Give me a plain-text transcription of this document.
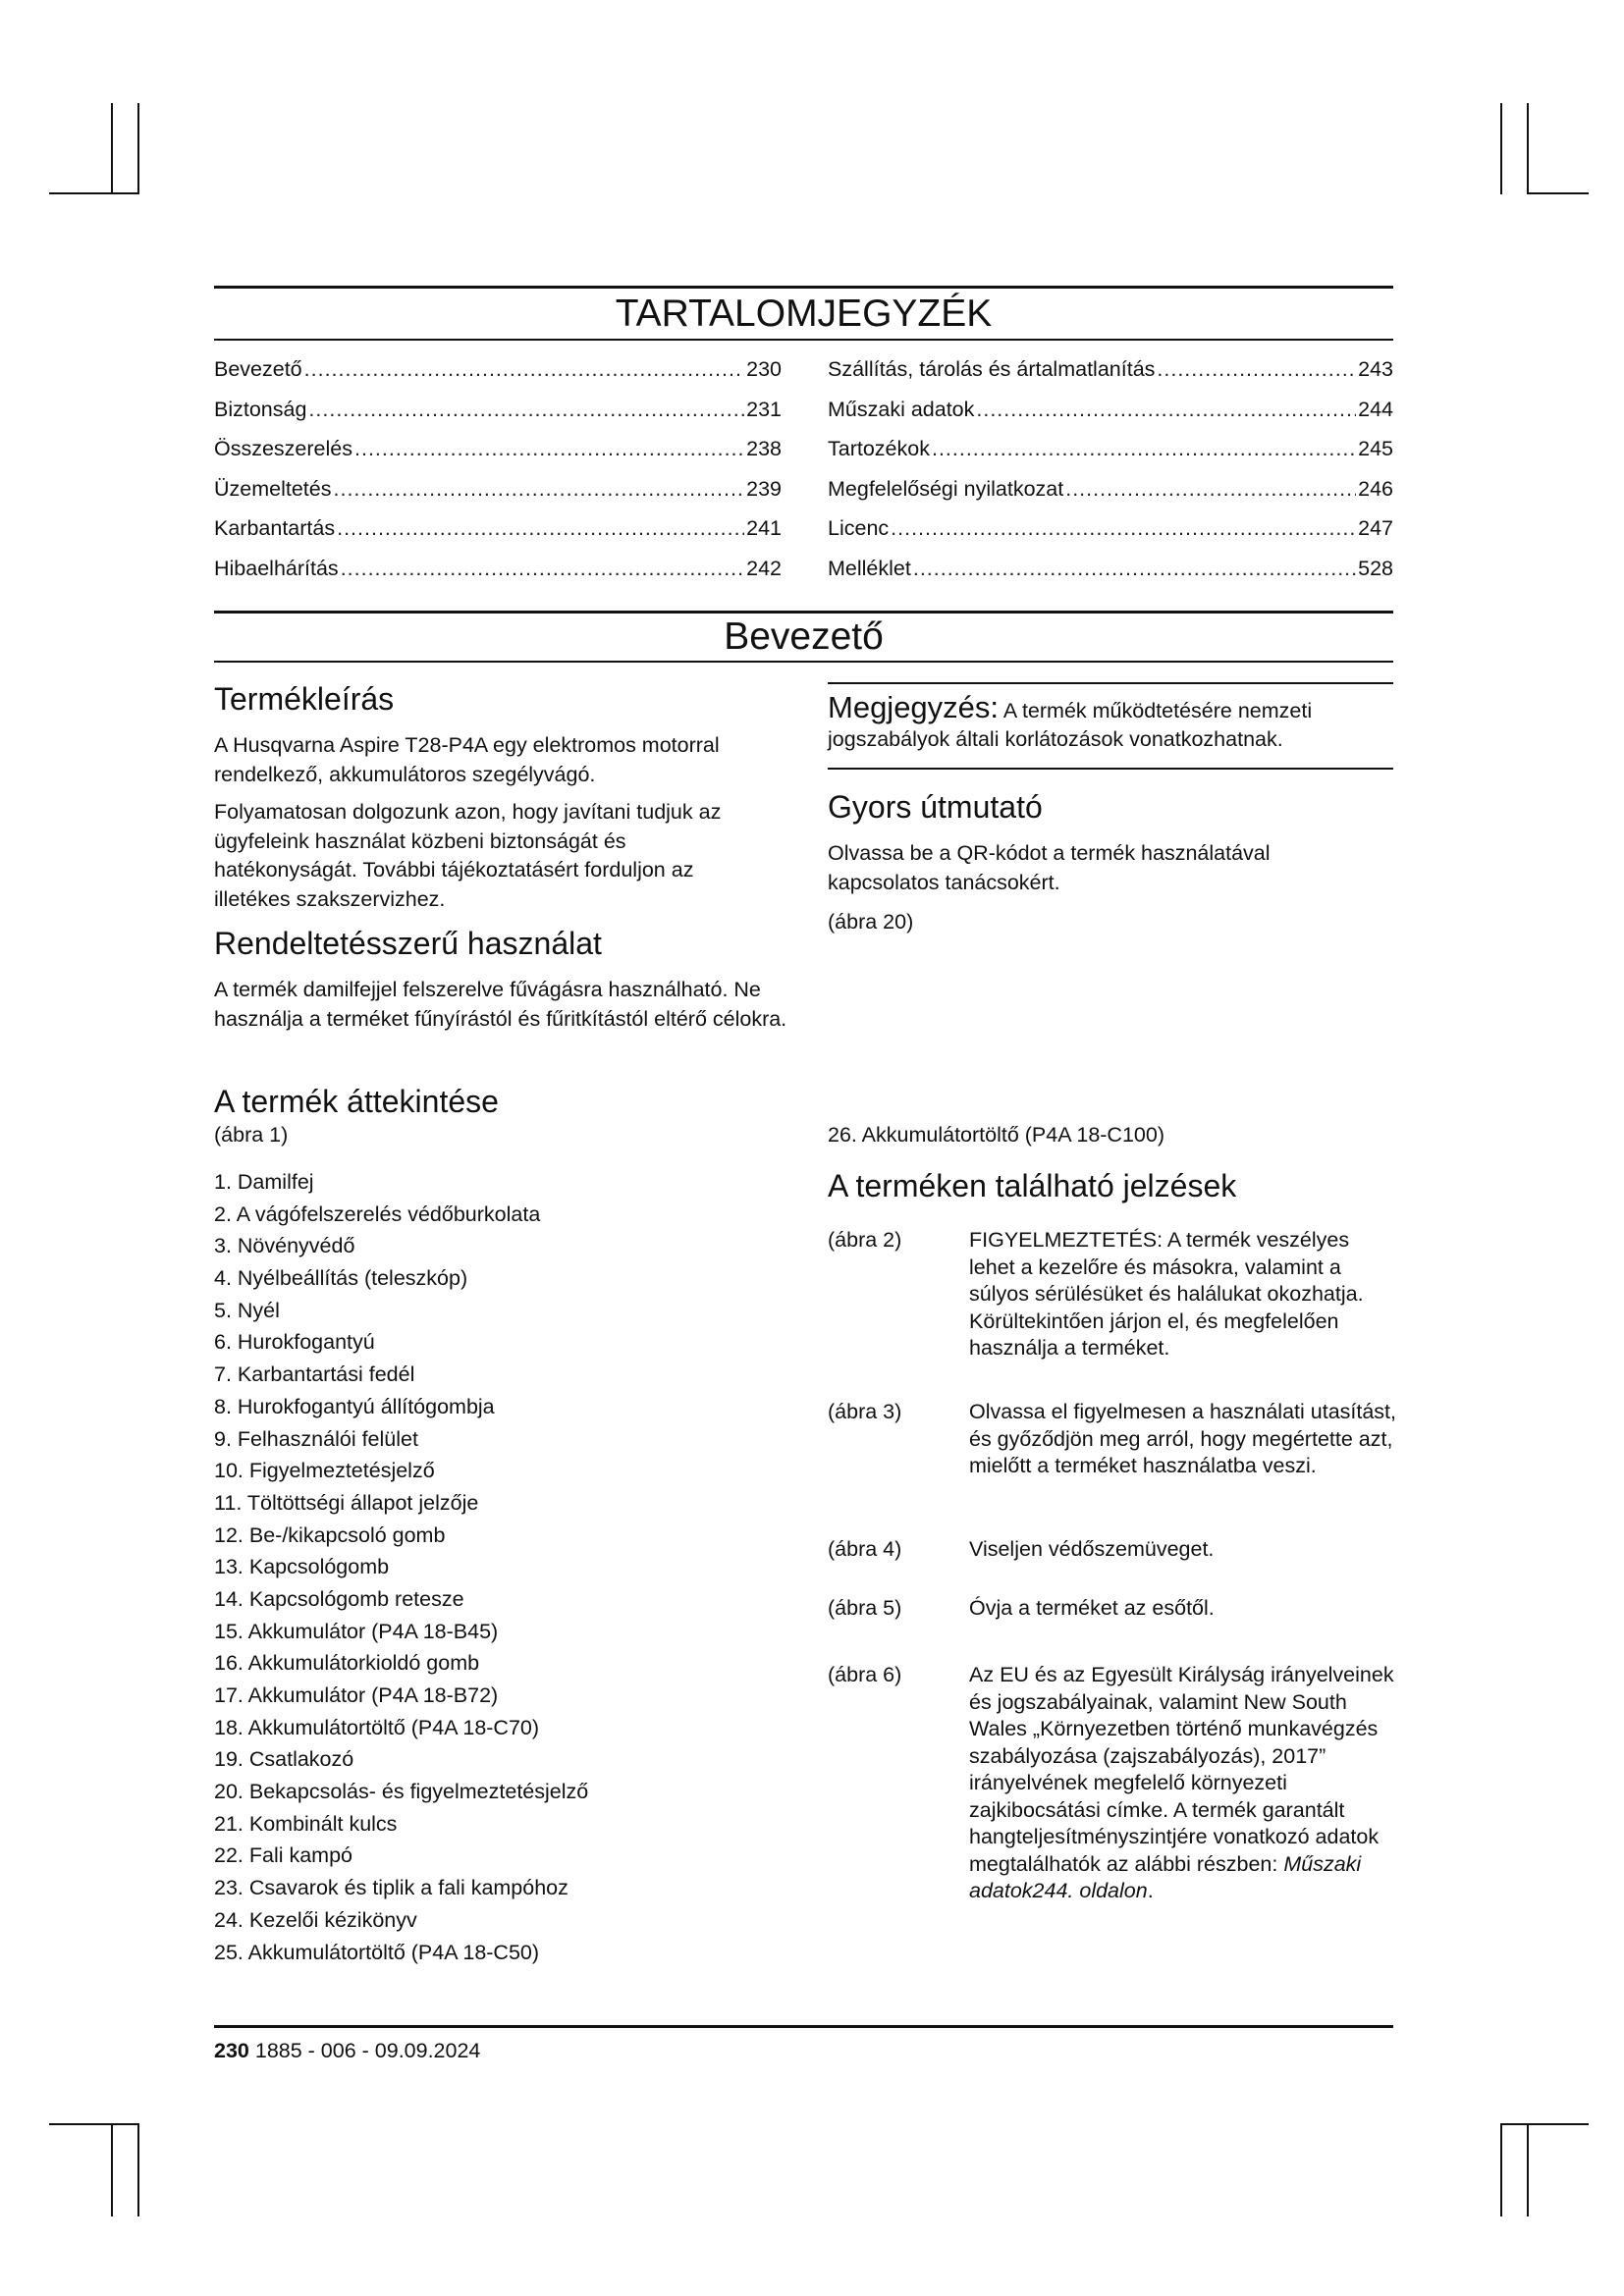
TARTALOMJEGYZÉK
Bevezető .....	230
Biztonság .....	231
Összeszerelés .....	238
Üzemeltetés .....	239
Karbantartás .....	241
Hibaelhárítás .....	242
Szállítás, tárolás és ártalmatlanítás .....	243
Műszaki adatok .....	244
Tartozékok .....	245
Megfelelőségi nyilatkozat .....	246
Licenc .....	247
Melléklet .....	528
Bevezető
Termékleírás

A Husqvarna Aspire T28-P4A egy elektromos motorral rendelkező, akkumulátoros szegélyvágó.

Folyamatosan dolgozunk azon, hogy javítani tudjuk az ügyfeleink használat közbeni biztonságát és hatékonyságát. További tájékoztatásért forduljon az illetékes szakszervizhez.

Rendeltetésszerű használat

A termék damilfejjel felszerelve fűvágásra használható. Ne használja a terméket fűnyírástól és fűritkítástól eltérő célokra.

A termék áttekintése
(ábra 1)
1. Damilfej
2. A vágófelszerelés védőburkolata
3. Növényvédő
4. Nyélbeállítás (teleszkóp)
5. Nyél
6. Hurokfogantyú
7. Karbantartási fedél
8. Hurokfogantyú állítógombja
9. Felhasználói felület
10. Figyelmeztetésjelző
11. Töltöttségi állapot jelzője
12. Be-/kikapcsoló gomb
13. Kapcsológomb
14. Kapcsológomb retesze
15. Akkumulátor (P4A 18-B45)
16. Akkumulátorkioldó gomb
17. Akkumulátor (P4A 18-B72)
18. Akkumulátortöltő (P4A 18-C70)
19. Csatlakozó
20. Bekapcsolás- és figyelmeztetésjelző
21. Kombinált kulcs
22. Fali kampó
23. Csavarok és tiplik a fali kampóhoz
24. Kezelői kézikönyv
25. Akkumulátortöltő (P4A 18-C50)
Megjegyzés: A termék működtetésére nemzeti jogszabályok általi korlátozások vonatkozhatnak.
Gyors útmutató

Olvassa be a QR-kódot a termék használatával kapcsolatos tanácsokért.

(ábra 20)
26. Akkumulátortöltő (P4A 18-C100)
A terméken található jelzések
(ábra 2)	FIGYELMEZTETÉS: A termék veszélyes lehet a kezelőre és másokra, valamint a súlyos sérülésüket és halálukat okozhatja. Körültekintően járjon el, és megfelelően használja a terméket.
(ábra 3)	Olvassa el figyelmesen a használati utasítást, és győződjön meg arról, hogy megértette azt, mielőtt a terméket használatba veszi.
(ábra 4)	Viseljen védőszemüveget.
(ábra 5)	Óvja a terméket az esőtől.
(ábra 6)	Az EU és az Egyesült Királyság irányelveinek és jogszabályainak, valamint New South Wales „Környezetben történő munkavégzés szabályozása (zajszabályozás), 2017” irányelvének megfelelő környezeti zajkibocsátási címke. A termék garantált hangteljesítményszintjére vonatkozó adatok megtalálhatók az alábbi részben: Műszaki adatok244. oldalon.
230 1885 - 006 - 09.09.2024
